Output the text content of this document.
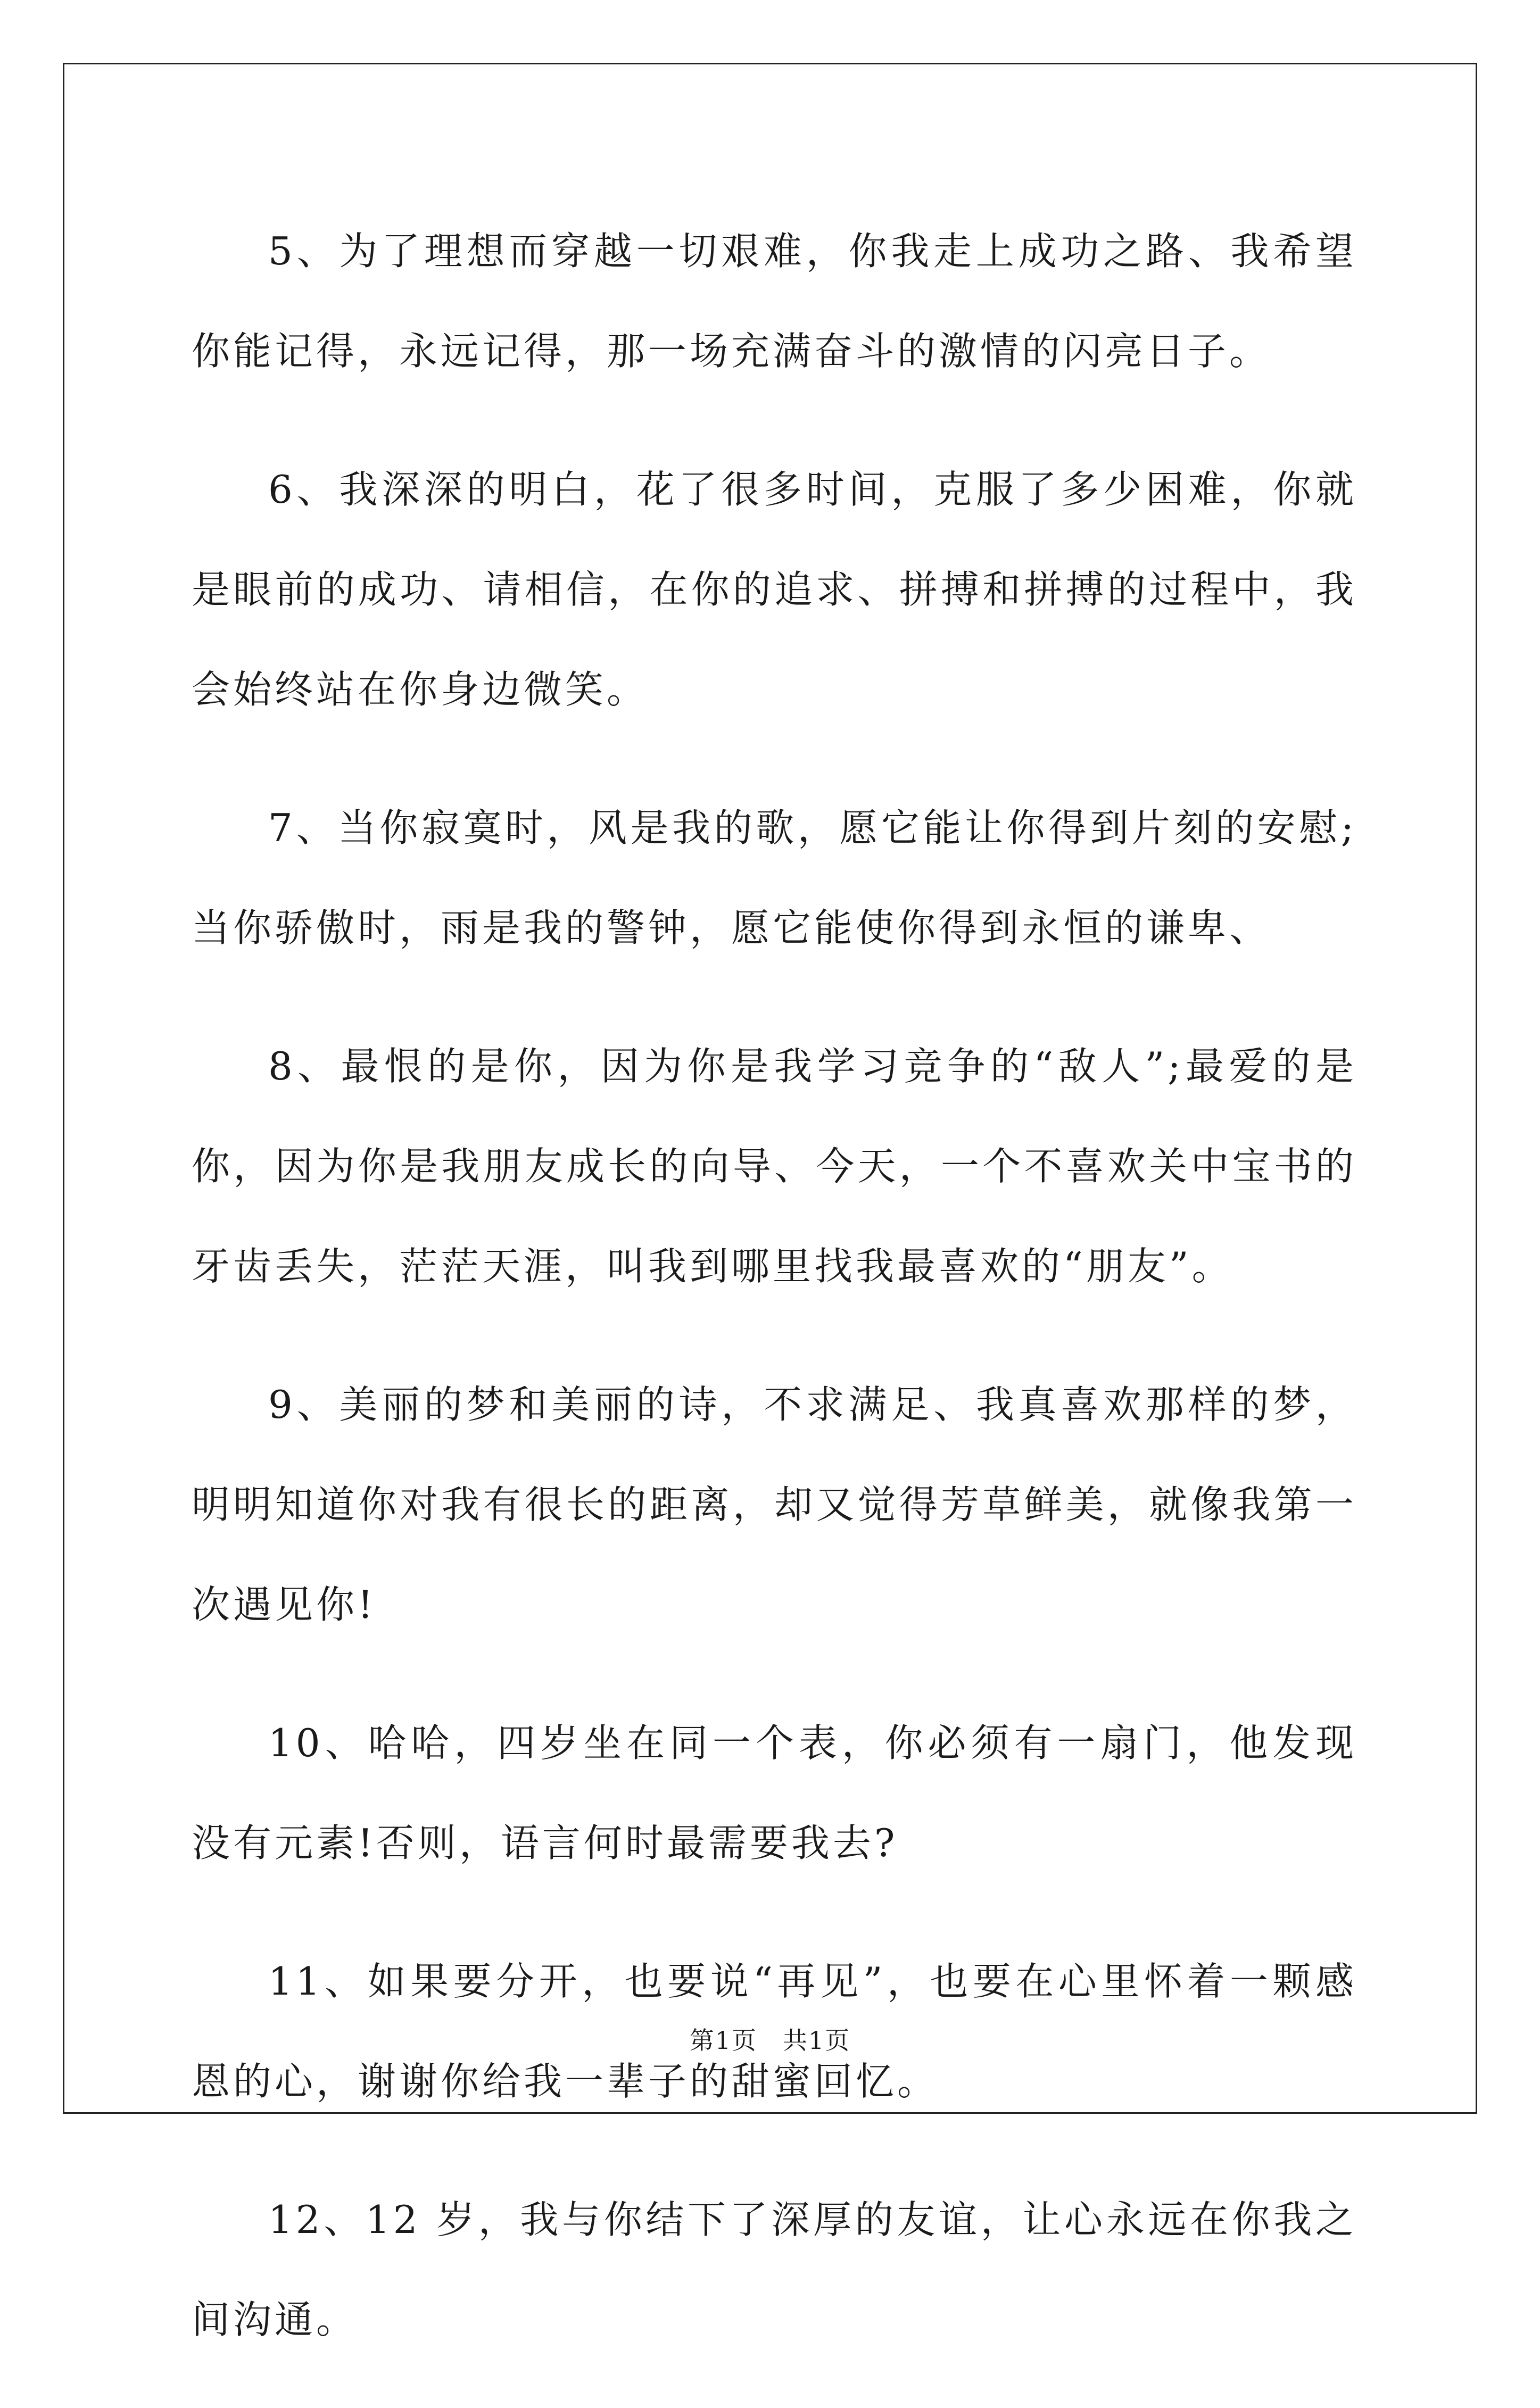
5、为了理想而穿越一切艰难，你我走上成功之路、我希望你能记得，永远记得，那一场充满奋斗的激情的闪亮日子。

6、我深深的明白，花了很多时间，克服了多少困难，你就是眼前的成功、请相信，在你的追求、拼搏和拼搏的过程中，我会始终站在你身边微笑。

7、当你寂寞时，风是我的歌，愿它能让你得到片刻的安慰;当你骄傲时，雨是我的警钟，愿它能使你得到永恒的谦卑、

8、最恨的是你，因为你是我学习竞争的“敌人”;最爱的是你，因为你是我朋友成长的向导、今天，一个不喜欢关中宝书的牙齿丢失，茫茫天涯，叫我到哪里找我最喜欢的“朋友”。

9、美丽的梦和美丽的诗，不求满足、我真喜欢那样的梦，明明知道你对我有很长的距离，却又觉得芳草鲜美，就像我第一次遇见你!

10、哈哈，四岁坐在同一个表，你必须有一扇门，他发现没有元素!否则，语言何时最需要我去?

11、如果要分开，也要说“再见”，也要在心里怀着一颗感恩的心，谢谢你给我一辈子的甜蜜回忆。

12、12 岁，我与你结下了深厚的友谊，让心永远在你我之间沟通。

第1页 共1页
